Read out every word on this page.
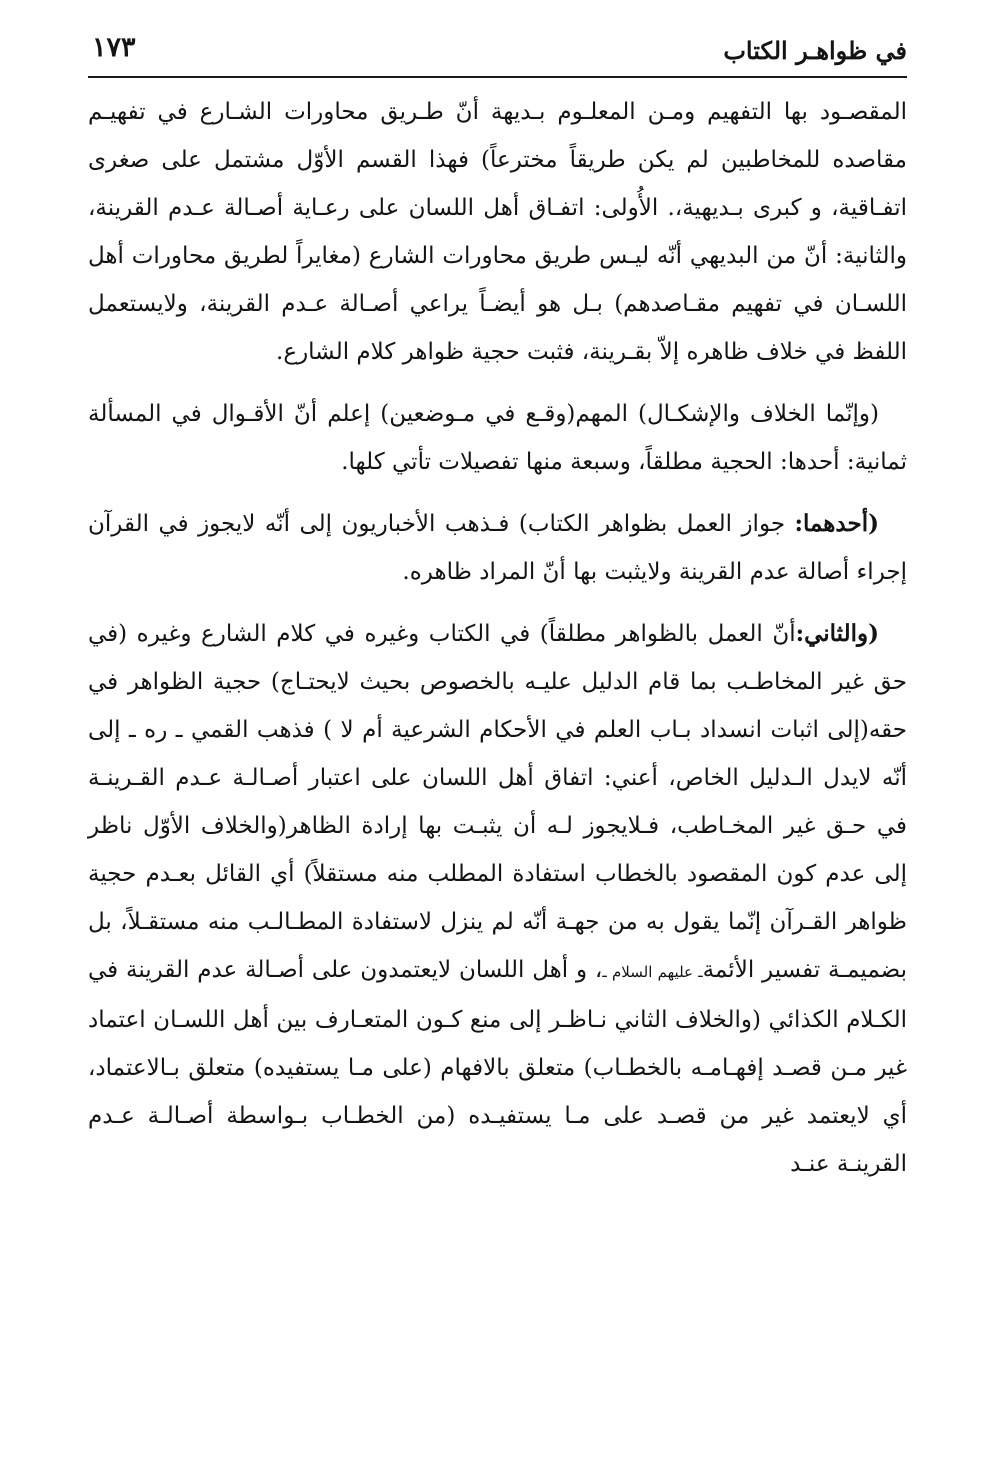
في ظواهـر الكتاب
١٧٣

المقصـود بها التفهيم ومـن المعلـوم بـديهة أنّ طـريق محاورات الشـارع في تفهيـم مقاصده للمخاطبين لم يكن طريقاً مخترعاً) فهذا القسم الأوّل مشتمل على صغرى اتفـاقية، و كبرى بـديهية،. الأُولى: اتفـاق أهل اللسان على رعـاية أصـالة عـدم القرينة، والثانية: أنّ من البديهي أنّه ليـس طريق محاورات الشارع (مغايراً لطريق محاورات أهل اللسـان في تفهيم مقـاصدهم) بـل هو أيضـاً يراعي أصـالة عـدم القرينة، ولايستعمل اللفظ في خلاف ظاهره إلاّ بقـرينة، فثبت حجية ظواهر كلام الشارع.

(وإنّما الخلاف والإشكـال) المهم(وقـع في مـوضعين) إعلم أنّ الأقـوال في المسألة ثمانية: أحدها: الحجية مطلقاً، وسبعة منها تفصيلات تأتي كلها.

(أحدهما: جواز العمل بظواهر الكتاب) فـذهب الأخباريون إلى أنّه لايجوز في القرآن إجراء أصالة عدم القرينة ولايثبت بها أنّ المراد ظاهره.

(والثاني:أنّ العمل بالظواهر مطلقاً) في الكتاب وغيره في كلام الشارع وغيره (في حق غير المخاطـب بما قام الدليل عليـه بالخصوص بحيث لايحتـاج) حجية الظواهر في حقه(إلى اثبات انسداد بـاب العلم في الأحكام الشرعية أم لا ) فذهب القمي ـ ره ـ إلى أنّه لايدل الـدليل الخاص، أعني: اتفاق أهل اللسان على اعتبار أصـالـة عـدم القـرينـة في حـق غير المخـاطب، فـلايجوز لـه أن يثبـت بها إرادة الظاهر(والخلاف الأوّل ناظر إلى عدم كون المقصود بالخطاب استفادة المطلب منه مستقلاً) أي القائل بعـدم حجية ظواهر القـرآن إنّما يقول به من جهـة أنّه لم ينزل لاستفادة المطـالـب منه مستقـلاً، بل بضميمـة تفسير الأئمةـ عليهم السلام ـ، و أهل اللسان لايعتمدون على أصـالة عدم القرينة في الكـلام الكذائي (والخلاف الثاني نـاظـر إلى منع كـون المتعـارف بين أهل اللسـان اعتماد غير مـن قصـد إفهـامـه بالخطـاب) متعلق بالافهام (على مـا يستفيده) متعلق بـالاعتماد، أي لايعتمد غير من قصـد على مـا يستفيـده (من الخطـاب بـواسطة أصـالـة عـدم القرينـة عنـد
